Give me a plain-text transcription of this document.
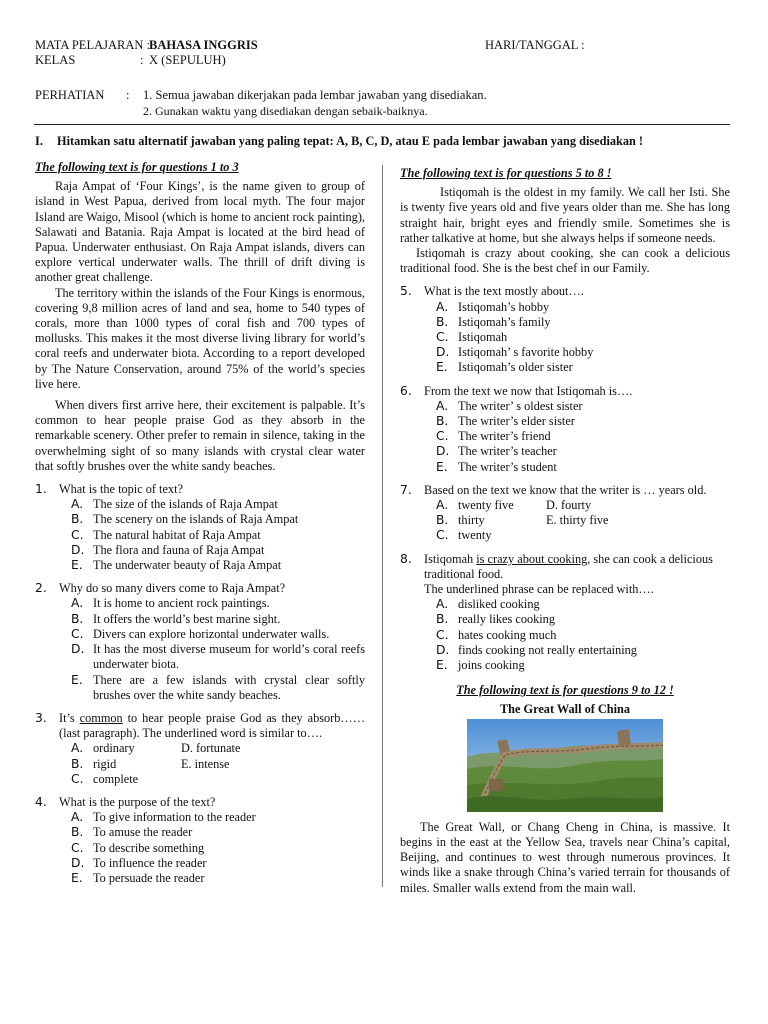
MATA PELAJARAN : BAHASA INGGRIS	HARI/TANGGAL :
KELAS	: X (SEPULUH)
PERHATIAN : 1. Semua jawaban dikerjakan pada lembar jawaban yang disediakan.
2. Gunakan waktu yang disediakan dengan sebaik-baiknya.
I. Hitamkan satu alternatif jawaban yang paling tepat: A, B, C, D, atau E pada lembar jawaban yang disediakan !
The following text is for questions 1 to 3

Raja Ampat of ‘Four Kings’, is the name given to group of island in West Papua, derived from local myth. The four major Island are Waigo, Misool (which is home to ancient rock painting), Salawati and Batania. Raja Ampat is located at the bird head of Papua. Underwater enthusiast. On Raja Ampat islands, divers can explore vertical underwater walls. The thrill of drift diving is another great challenge.

The territory within the islands of the Four Kings is enormous, covering 9,8 million acres of land and sea, home to 540 types of corals, more than 1000 types of coral fish and 700 types of mollusks. This makes it the most diverse living library for world’s coral reefs and underwater biota. According to a report developed by The Nature Conservation, around 75% of the world’s species live here.

When divers first arrive here, their excitement is palpable. It’s common to hear people praise God as they absorb in the remarkable scenery. Other prefer to remain in silence, taking in the overwhelming sight of so many islands with crystal clear water that softly brushes over the white sandy beaches.

1. What is the topic of text?
A. The size of the islands of Raja Ampat
B. The scenery on the islands of Raja Ampat
C. The natural habitat of Raja Ampat
D. The flora and fauna of Raja Ampat
E. The underwater beauty of Raja Ampat
2. Why do so many divers come to Raja Ampat?
A. It is home to ancient rock paintings.
B. It offers the world’s best marine sight.
C. Divers can explore horizontal underwater walls.
D. It has the most diverse museum for world’s coral reefs underwater biota.
E. There are a few islands with crystal clear softly brushes over the white sandy beaches.
3. It’s common to hear people praise God as they absorb…… (last paragraph). The underlined word is similar to….
A. ordinary	D. fortunate
B. rigid	E. intense
C. complete
4. What is the purpose of the text?
A. To give information to the reader
B. To amuse the reader
C. To describe something
D. To influence the reader
E. To persuade the reader
The following text is for questions 5 to 8 !

Istiqomah is the oldest in my family. We call her Isti. She is twenty five years old and five years older than me. She has long straight hair, bright eyes and friendly smile. Sometimes she is rather talkative at home, but she always helps if someone needs.

Istiqomah is crazy about cooking, she can cook a delicious traditional food. She is the best chef in our Family.

5. What is the text mostly about….
A. Istiqomah’s hobby
B. Istiqomah’s family
C. Istiqomah
D. Istiqomah’ s favorite hobby
E. Istiqomah’s older sister
6. From the text we now that Istiqomah is….
A. The writer’ s oldest sister
B. The writer’s elder sister
C. The writer’s friend
D. The writer’s teacher
E. The writer’s student
7. Based on the text we know that the writer is … years old.
A. twenty five	D. fourty
B. thirty	E. thirty five
C. twenty
8. Istiqomah is crazy about cooking, she can cook a delicious traditional food.
The underlined phrase can be replaced with….
A. disliked cooking
B. really likes cooking
C. hates cooking much
D. finds cooking not really entertaining
E. joins cooking
The following text is for questions 9 to 12 !
The Great Wall of China

The Great Wall, or Chang Cheng in China, is massive. It begins in the east at the Yellow Sea, travels near China’s capital, Beijing, and continues to west through numerous provinces. It winds like a snake through China’s varied terrain for thousands of miles. Smaller walls extend from the main wall.
